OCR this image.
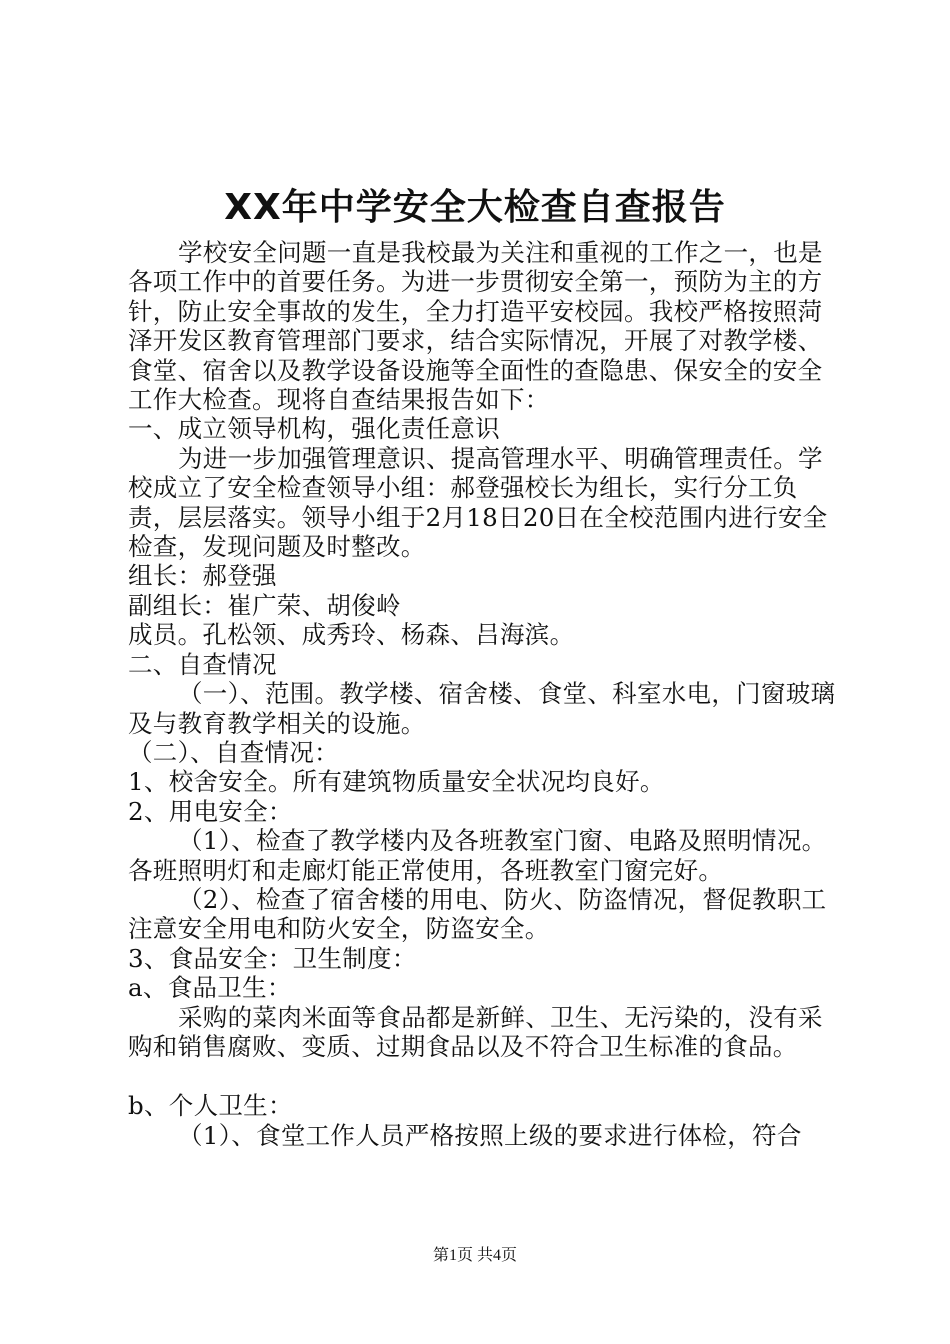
XX年中学安全大检查自查报告

学校安全问题一直是我校最为关注和重视的工作之一，也是各项工作中的首要任务。为进一步贯彻安全第一，预防为主的方针，防止安全事故的发生，全力打造平安校园。我校严格按照菏泽开发区教育管理部门要求，结合实际情况，开展了对教学楼、食堂、宿舍以及教学设备设施等全面性的查隐患、保安全的安全工作大检查。现将自查结果报告如下：

一、成立领导机构，强化责任意识

为进一步加强管理意识、提高管理水平、明确管理责任。学校成立了安全检查领导小组：郝登强校长为组长，实行分工负责，层层落实。领导小组于2月18日20日在全校范围内进行安全检查，发现问题及时整改。

组长：郝登强

副组长：崔广荣、胡俊岭

成员。孔松领、成秀玲、杨森、吕海滨。

二、自查情况

（一）、范围。教学楼、宿舍楼、食堂、科室水电，门窗玻璃及与教育教学相关的设施。

（二）、自查情况：

1、校舍安全。所有建筑物质量安全状况均良好。

2、用电安全：

（1）、检查了教学楼内及各班教室门窗、电路及照明情况。各班照明灯和走廊灯能正常使用，各班教室门窗完好。

（2）、检查了宿舍楼的用电、防火、防盗情况，督促教职工注意安全用电和防火安全，防盗安全。

3、食品安全：卫生制度：

a、食品卫生：

采购的菜肉米面等食品都是新鲜、卫生、无污染的，没有采购和销售腐败、变质、过期食品以及不符合卫生标准的食品。

b、个人卫生：

（1）、食堂工作人员严格按照上级的要求进行体检，符合

第1页 共4页
